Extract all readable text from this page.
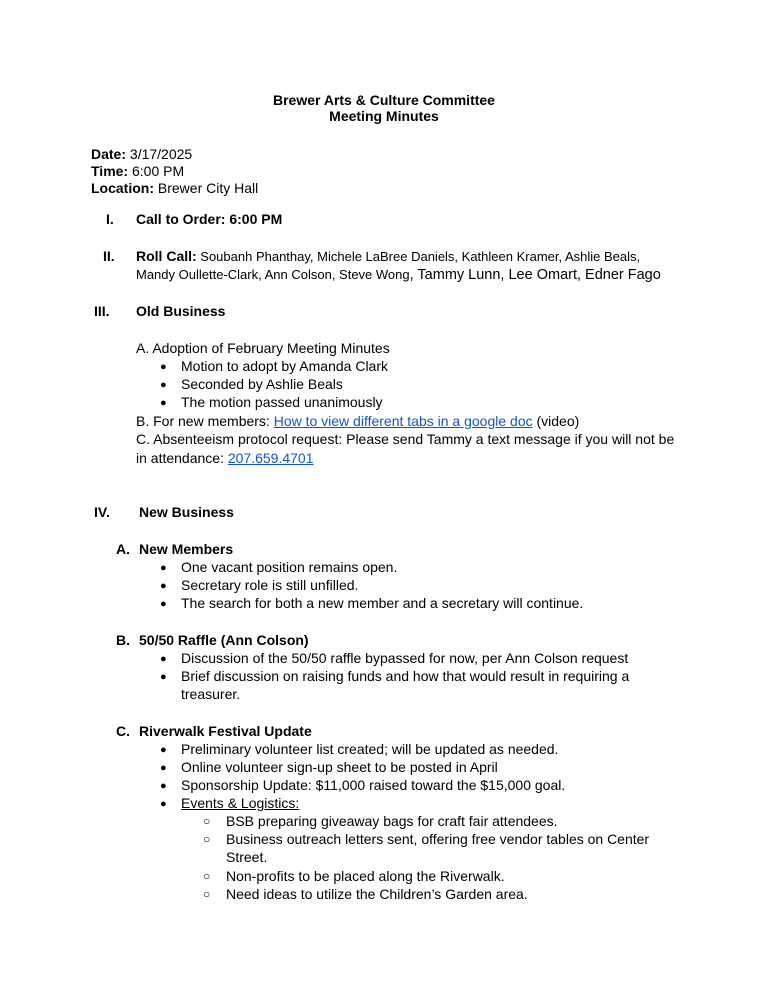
Brewer Arts & Culture Committee
Meeting Minutes
Date: 3/17/2025
Time: 6:00 PM
Location: Brewer City Hall
I. Call to Order: 6:00 PM
II. Roll Call: Soubanh Phanthay, Michele LaBree Daniels, Kathleen Kramer, Ashlie Beals,
Mandy Oullette-Clark, Ann Colson, Steve Wong, Tammy Lunn, Lee Omart, Edner Fago
III. Old Business
A. Adoption of February Meeting Minutes
●
Motion to adopt by Amanda Clark
●
Seconded by Ashlie Beals
●
The motion passed unanimously
B. For new members: How to view different tabs in a google doc (video)
C. Absenteeism protocol request: Please send Tammy a text message if you will not be
in attendance: 207.659.4701
IV. New Business
A. New Members
●
One vacant position remains open.
●
Secretary role is still unfilled.
●
The search for both a new member and a secretary will continue.
B. 50/50 Raffle (Ann Colson)
●
Discussion of the 50/50 raffle bypassed for now, per Ann Colson request
●
Brief discussion on raising funds and how that would result in requiring a
treasurer.
C. Riverwalk Festival Update
●
Preliminary volunteer list created; will be updated as needed.
●
Online volunteer sign-up sheet to be posted in April
●
Sponsorship Update: $11,000 raised toward the $15,000 goal.
●
Events & Logistics:
○ BSB preparing giveaway bags for craft fair attendees.
○ Business outreach letters sent, offering free vendor tables on Center
Street.
○ Non-profits to be placed along the Riverwalk.
○ Need ideas to utilize the Children’s Garden area.
